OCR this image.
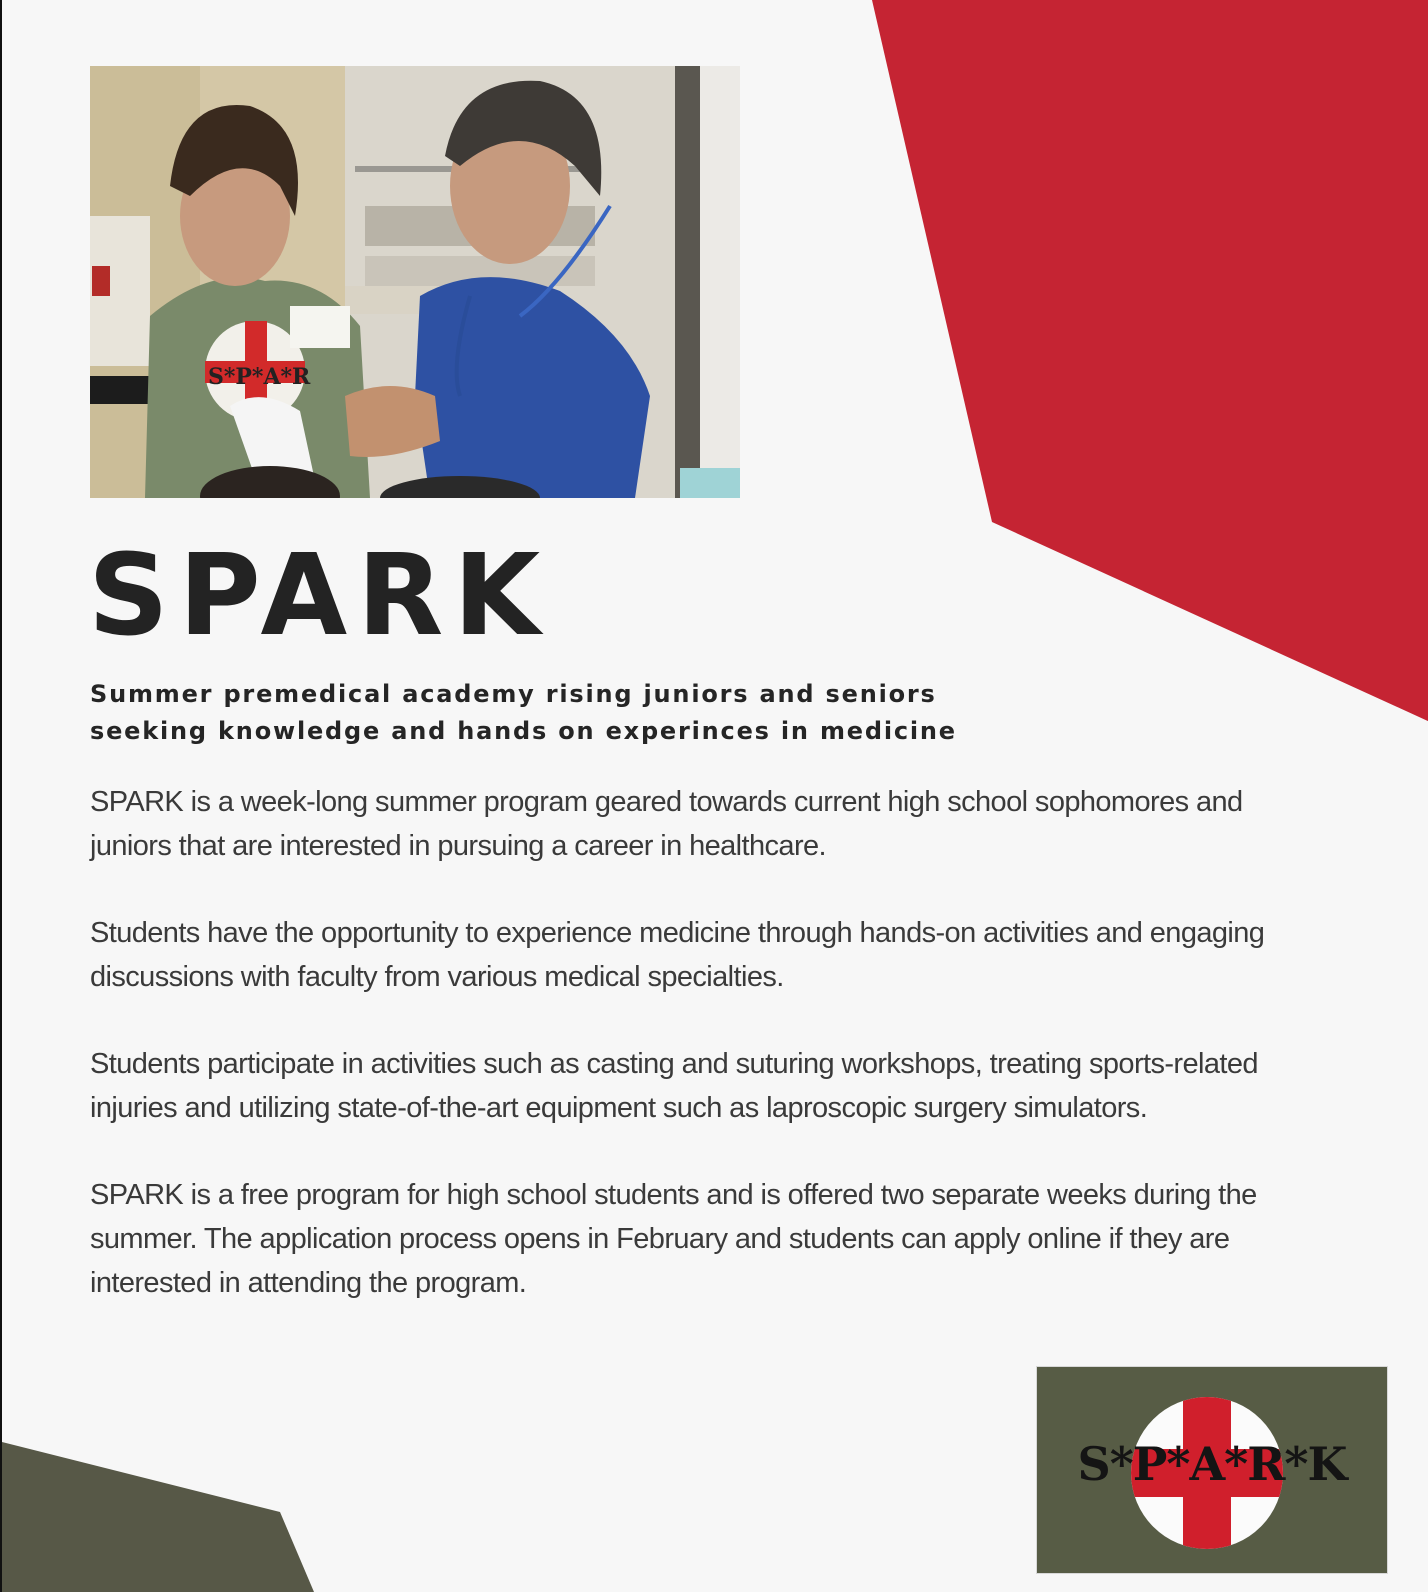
S*P*A*R
SPARK
Summer premedical academy rising juniors and seniors
seeking knowledge and hands on experinces in medicine

SPARK is a week-long summer program geared towards current high school sophomores and juniors that are interested in pursuing a career in healthcare.

Students have the opportunity to experience medicine through hands-on activities and engaging discussions with faculty from various medical specialties.

Students participate in activities such as casting and suturing workshops, treating sports-related injuries and utilizing state-of-the-art equipment such as laproscopic surgery simulators.

SPARK is a free program for high school students and is offered two separate weeks during the summer. The application process opens in February and students can apply online if they are interested in attending the program.

S*P*A*R*K
